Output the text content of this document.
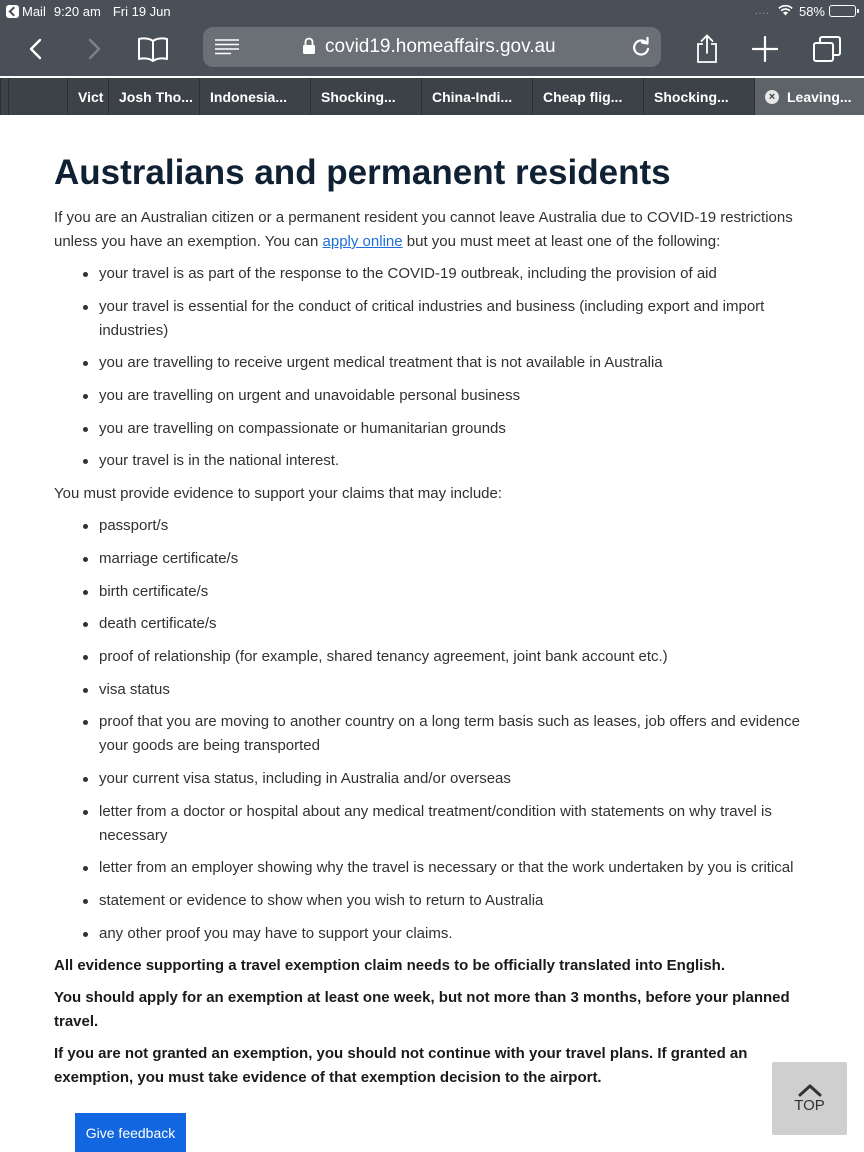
Mail 9:20 am Fri 19 Jun	.... 58%
covid19.homeaffairs.gov.au
Vict Josh Tho... Indonesia... Shocking...	China-Indi... Cheap flig... Shocking...	× Leaving...
Australians and permanent residents

If you are an Australian citizen or a permanent resident you cannot leave Australia due to COVID-19 restrictions unless you have an exemption. You can apply online but you must meet at least one of the following:

your travel is as part of the response to the COVID-19 outbreak, including the provision of aid
your travel is essential for the conduct of critical industries and business (including export and import industries)
you are travelling to receive urgent medical treatment that is not available in Australia
you are travelling on urgent and unavoidable personal business
you are travelling on compassionate or humanitarian grounds
your travel is in the national interest.

You must provide evidence to support your claims that may include:

passport/s
marriage certificate/s
birth certificate/s
death certificate/s
proof of relationship (for example, shared tenancy agreement, joint bank account etc.)
visa status
proof that you are moving to another country on a long term basis such as leases, job offers and evidence your goods are being transported
your current visa status, including in Australia and/or overseas
letter from a doctor or hospital about any medical treatment/condition with statements on why travel is necessary
letter from an employer showing why the travel is necessary or that the work undertaken by you is critical
statement or evidence to show when you wish to return to Australia
any other proof you may have to support your claims.

All evidence supporting a travel exemption claim needs to be officially translated into English.

You should apply for an exemption at least one week, but not more than 3 months, before your planned travel.

If you are not granted an exemption, you should not continue with your travel plans. If granted an exemption, you must take evidence of that exemption decision to the airport.

TOP
Give feedback
